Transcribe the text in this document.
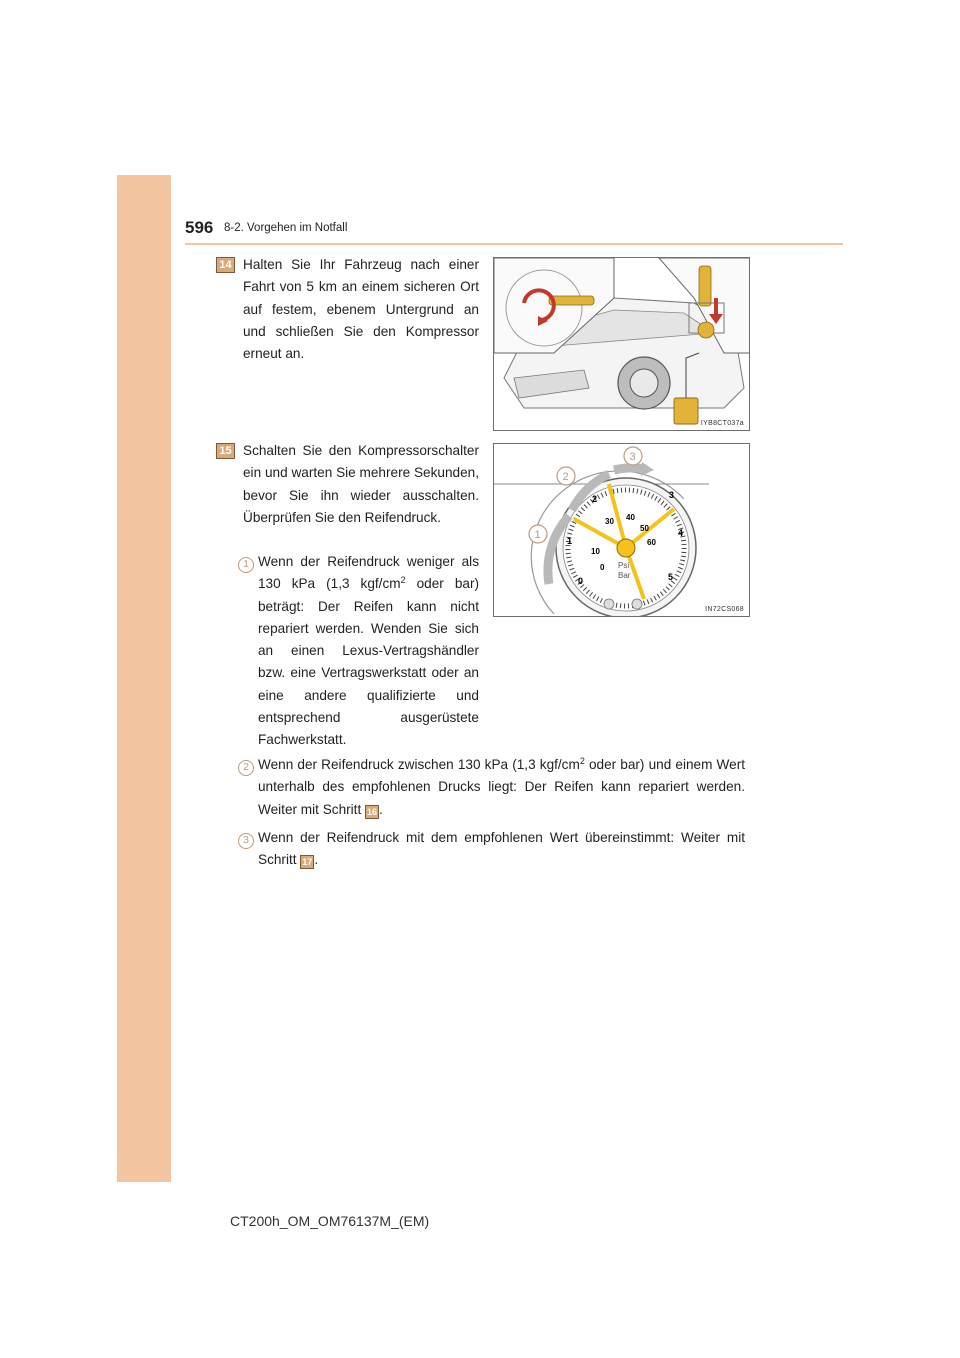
596 8-2. Vorgehen im Notfall
14 Halten Sie Ihr Fahrzeug nach einer Fahrt von 5 km an einem sicheren Ort auf festem, ebenem Untergrund an und schließen Sie den Kompressor erneut an.
IYB8CT037a
15 Schalten Sie den Kompressorschalter ein und warten Sie mehrere Sekunden, bevor Sie ihn wieder ausschalten. Überprüfen Sie den Reifendruck.
0
1
2	3
4
5
0
10
30 40
50
60
Psi
Bar
1
2
3
IN72CS068
1 Wenn der Reifendruck weniger als 130 kPa (1,3 kgf/$cm^2$ oder bar) beträgt: Der Reifen kann nicht repariert werden. Wenden Sie sich an einen Lexus-Vertragshändler bzw. eine Vertragswerkstatt oder an eine andere qualifizierte und entsprechend ausgerüstete Fachwerkstatt.
2 Wenn der Reifendruck zwischen 130 kPa (1,3 kgf/$cm^2$ oder bar) und einem Wert unterhalb des empfohlenen Drucks liegt: Der Reifen kann repariert werden. Weiter mit Schritt 16 .
3 Wenn der Reifendruck mit dem empfohlenen Wert übereinstimmt: Weiter mit Schritt 17 .
CT200h_OM_OM76137M_(EM)
